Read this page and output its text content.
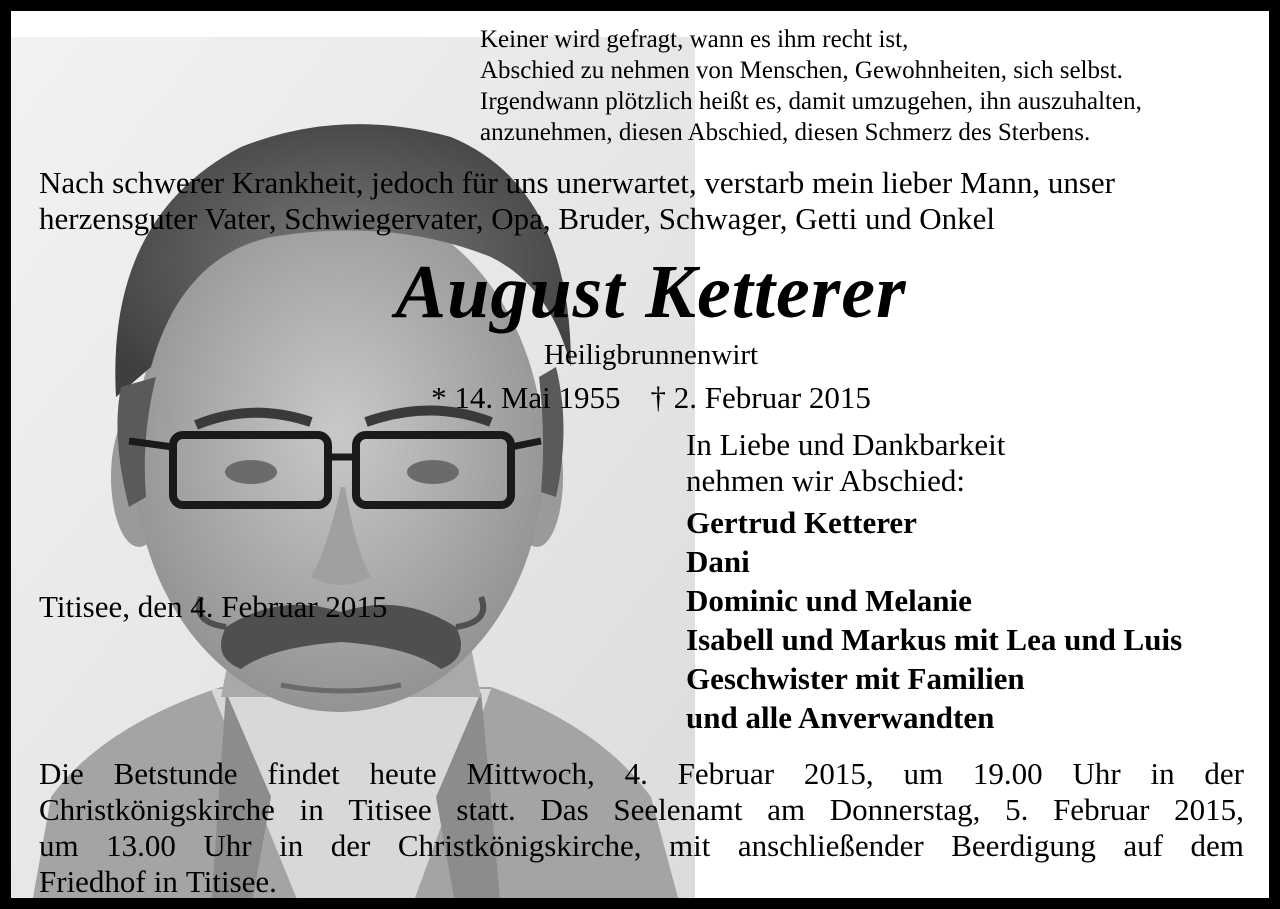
Keiner wird gefragt, wann es ihm recht ist,
Abschied zu nehmen von Menschen, Gewohnheiten, sich selbst.
Irgendwann plötzlich heißt es, damit umzugehen, ihn auszuhalten,
anzunehmen, diesen Abschied, diesen Schmerz des Sterbens.
Nach schwerer Krankheit, jedoch für uns unerwartet, verstarb mein lieber Mann, unser
herzensguter Vater, Schwiegervater, Opa, Bruder, Schwager, Getti und Onkel
August Ketterer
Heiligbrunnenwirt
* 14. Mai 1955 † 2. Februar 2015
In Liebe und Dankbarkeit
nehmen wir Abschied:
Gertrud Ketterer
Dani
Dominic und Melanie
Isabell und Markus mit Lea und Luis
Geschwister mit Familien
und alle Anverwandten
Titisee, den 4. Februar 2015
Die Betstunde findet heute Mittwoch, 4. Februar 2015, um 19.00 Uhr in der
Christkönigskirche in Titisee statt. Das Seelenamt am Donnerstag, 5. Februar 2015,
um 13.00 Uhr in der Christkönigskirche, mit anschließender Beerdigung auf dem
Friedhof in Titisee.
